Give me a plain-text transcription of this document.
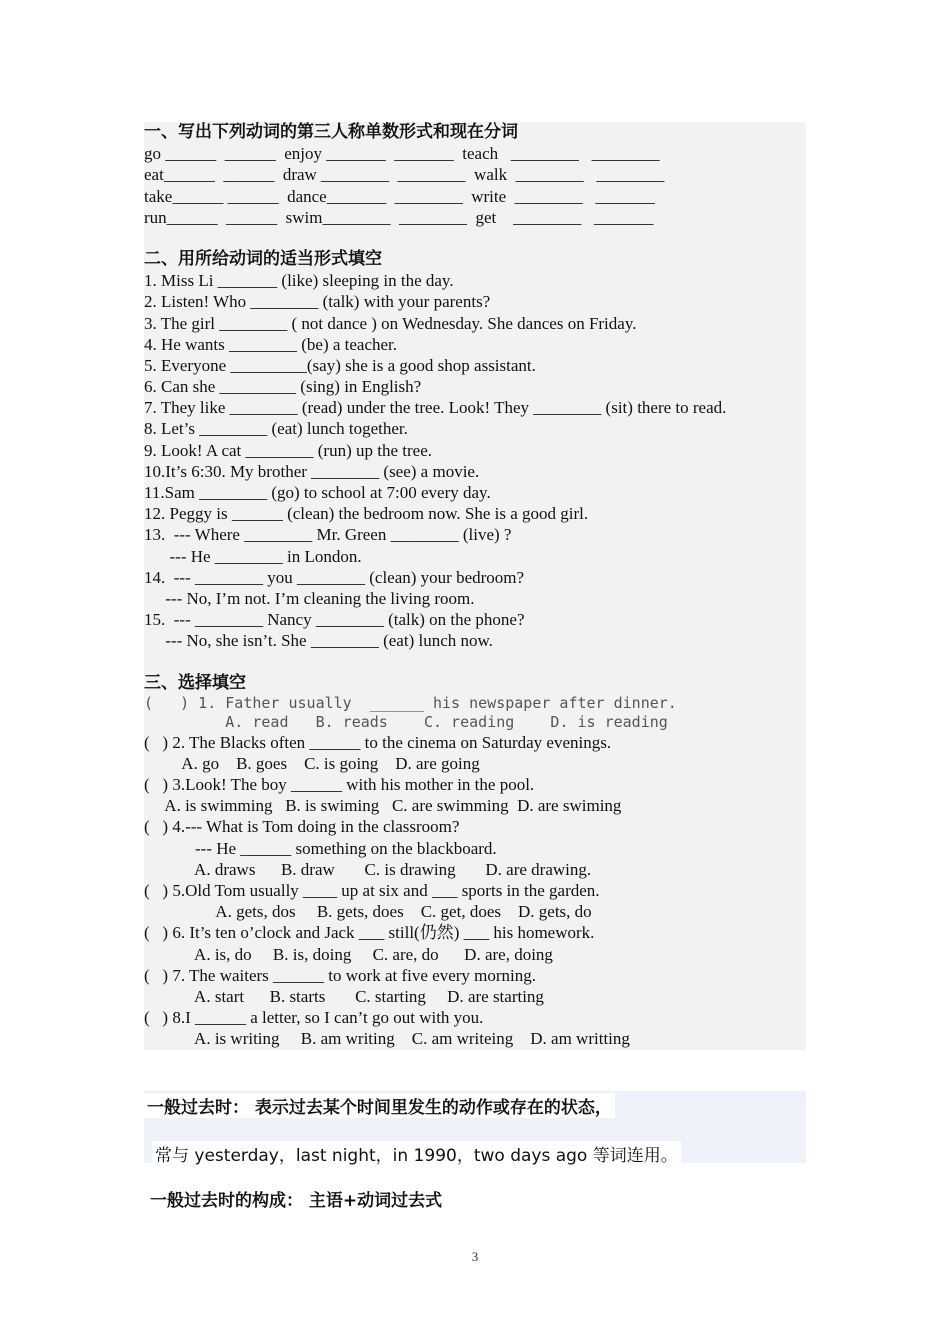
一、写出下列动词的第三人称单数形式和现在分词
go ______  ______  enjoy _______  _______  teach   ________   ________
eat______  ______  draw ________  ________  walk  ________   ________
take______ ______  dance_______  ________  write  ________   _______
run______  ______  swim________  ________  get    ________   _______
二、用所给动词的适当形式填空
1. Miss Li _______ (like) sleeping in the day.
2. Listen! Who ________ (talk) with your parents?
3. The girl ________ ( not dance ) on Wednesday. She dances on Friday.
4. He wants ________ (be) a teacher.
5. Everyone _________(say) she is a good shop assistant.
6. Can she _________ (sing) in English?
7. They like ________ (read) under the tree. Look! They ________ (sit) there to read.
8. Let’s ________ (eat) lunch together.
9. Look! A cat ________ (run) up the tree.
10.It’s 6:30. My brother ________ (see) a movie.
11.Sam ________ (go) to school at 7:00 every day.
12. Peggy is ______ (clean) the bedroom now. She is a good girl.
13.  --- Where ________ Mr. Green ________ (live) ?
--- He ________ in London.
14.  --- ________ you ________ (clean) your bedroom?
--- No, I’m not. I’m cleaning the living room.
15.  --- ________ Nancy ________ (talk) on the phone?
--- No, she isn’t. She ________ (eat) lunch now.
三、选择填空
(   ) 1. Father usually  ______ his newspaper after dinner.
A. read   B. reads    C. reading    D. is reading
(   ) 2. The Blacks often ______ to the cinema on Saturday evenings.
A. go    B. goes    C. is going    D. are going
(   ) 3.Look! The boy ______ with his mother in the pool.
A. is swimming   B. is swiming   C. are swimming  D. are swiming
(   ) 4.--- What is Tom doing in the classroom?
--- He ______ something on the blackboard.
A. draws      B. draw       C. is drawing       D. are drawing.
(   ) 5.Old Tom usually ____ up at six and ___ sports in the garden.
A. gets, dos     B. gets, does    C. get, does    D. gets, do
(   ) 6. It’s ten o’clock and Jack ___ still(仍然) ___ his homework.
A. is, do     B. is, doing     C. are, do      D. are, doing
(   ) 7. The waiters ______ to work at five every morning.
A. start      B. starts       C. starting     D. are starting
(   ) 8.I ______ a letter, so I can’t go out with you.
A. is writing     B. am writing    C. am writeing    D. am writting
一般过去时： 表示过去某个时间里发生的动作或存在的状态，
常与 yesterday，last night，in 1990，two days ago 等词连用。
一般过去时的构成： 主语+动词过去式
3
